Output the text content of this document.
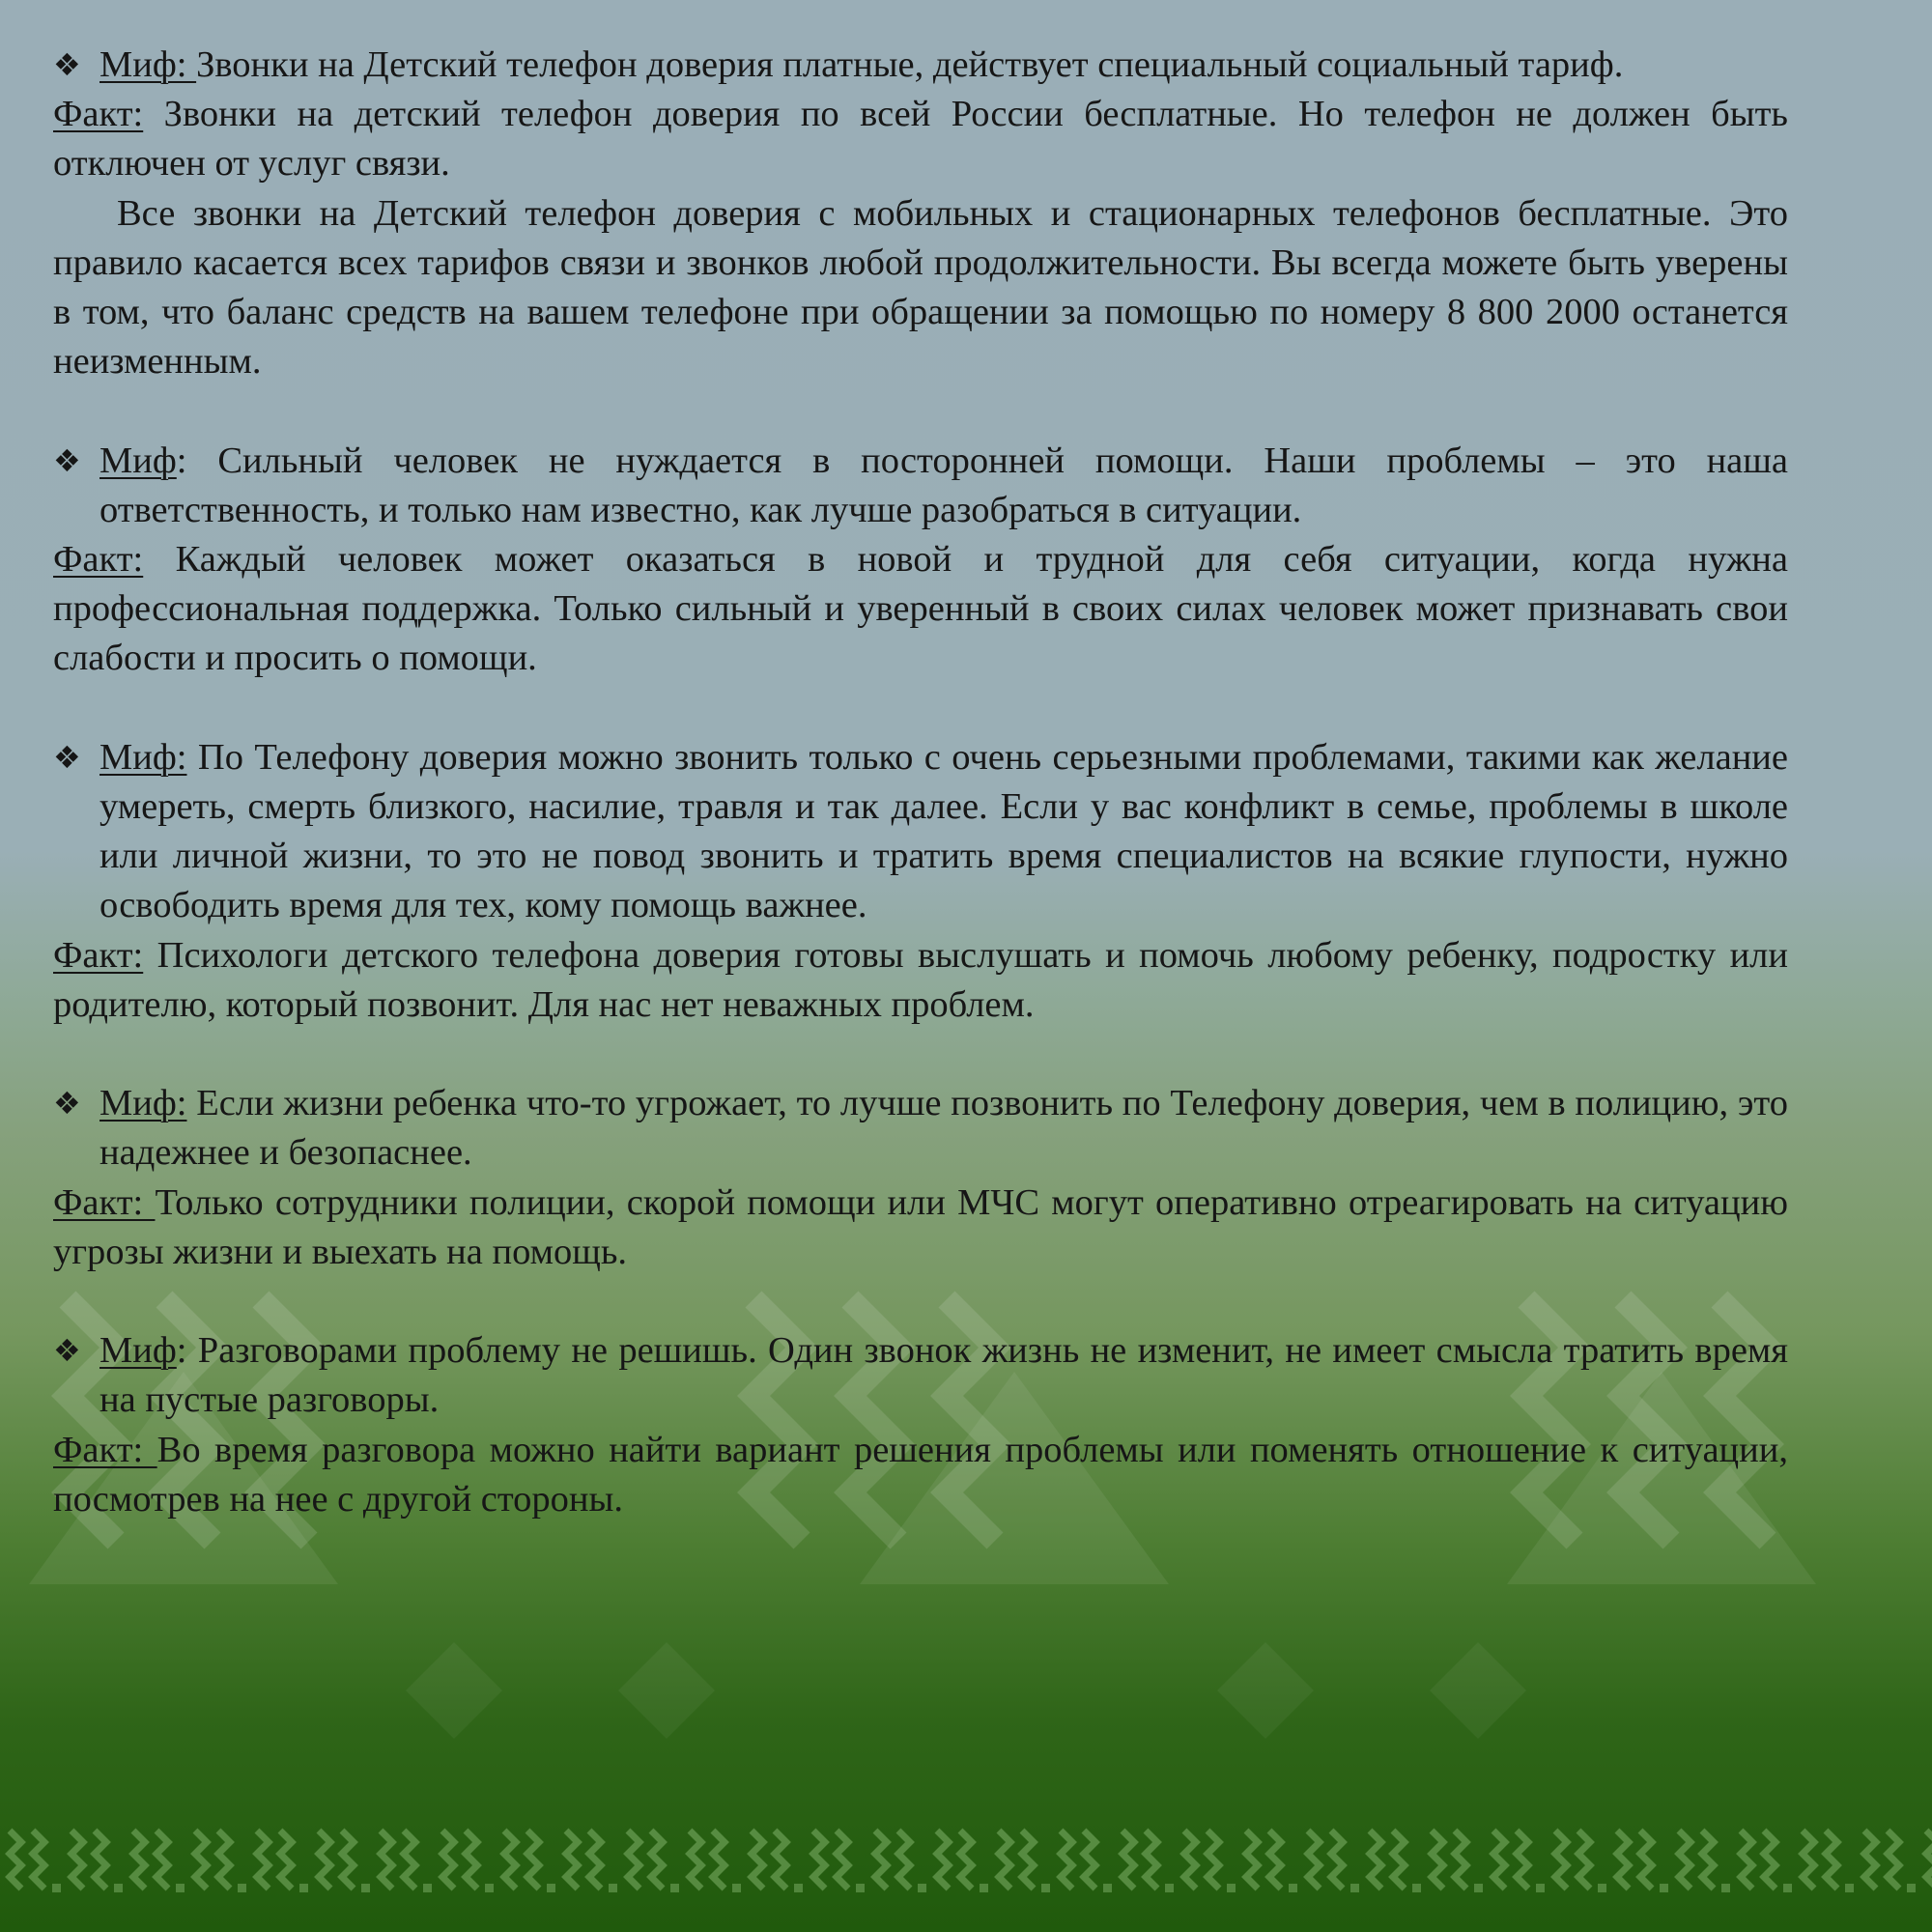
❖ Миф: Звонки на Детский телефон доверия платные, действует специальный социальный тариф.

Факт: Звонки на детский телефон доверия по всей России бесплатные. Но телефон не должен быть отключен от услуг связи.

Все звонки на Детский телефон доверия с мобильных и стационарных телефонов бесплатные. Это правило касается всех тарифов связи и звонков любой продолжительности. Вы всегда можете быть уверены в том, что баланс средств на вашем телефоне при обращении за помощью по номеру 8 800 2000 останется неизменным.

❖ Миф: Сильный человек не нуждается в посторонней помощи. Наши проблемы – это наша ответственность, и только нам известно, как лучше разобраться в ситуации.

Факт: Каждый человек может оказаться в новой и трудной для себя ситуации, когда нужна профессиональная поддержка. Только сильный и уверенный в своих силах человек может признавать свои слабости и просить о помощи.

❖ Миф: По Телефону доверия можно звонить только с очень серьезными проблемами, такими как желание умереть, смерть близкого, насилие, травля и так далее. Если у вас конфликт в семье, проблемы в школе или личной жизни, то это не повод звонить и тратить время специалистов на всякие глупости, нужно освободить время для тех, кому помощь важнее.

Факт: Психологи детского телефона доверия готовы выслушать и помочь любому ребенку, подростку или родителю, который позвонит. Для нас нет неважных проблем.

❖ Миф: Если жизни ребенка что-то угрожает, то лучше позвонить по Телефону доверия, чем в полицию, это надежнее и безопаснее.

Факт: Только сотрудники полиции, скорой помощи или МЧС могут оперативно отреагировать на ситуацию угрозы жизни и выехать на помощь.

❖ Миф: Разговорами проблему не решишь. Один звонок жизнь не изменит, не имеет смысла тратить время на пустые разговоры.

Факт: Во время разговора можно найти вариант решения проблемы или поменять отношение к ситуации, посмотрев на нее с другой стороны.
